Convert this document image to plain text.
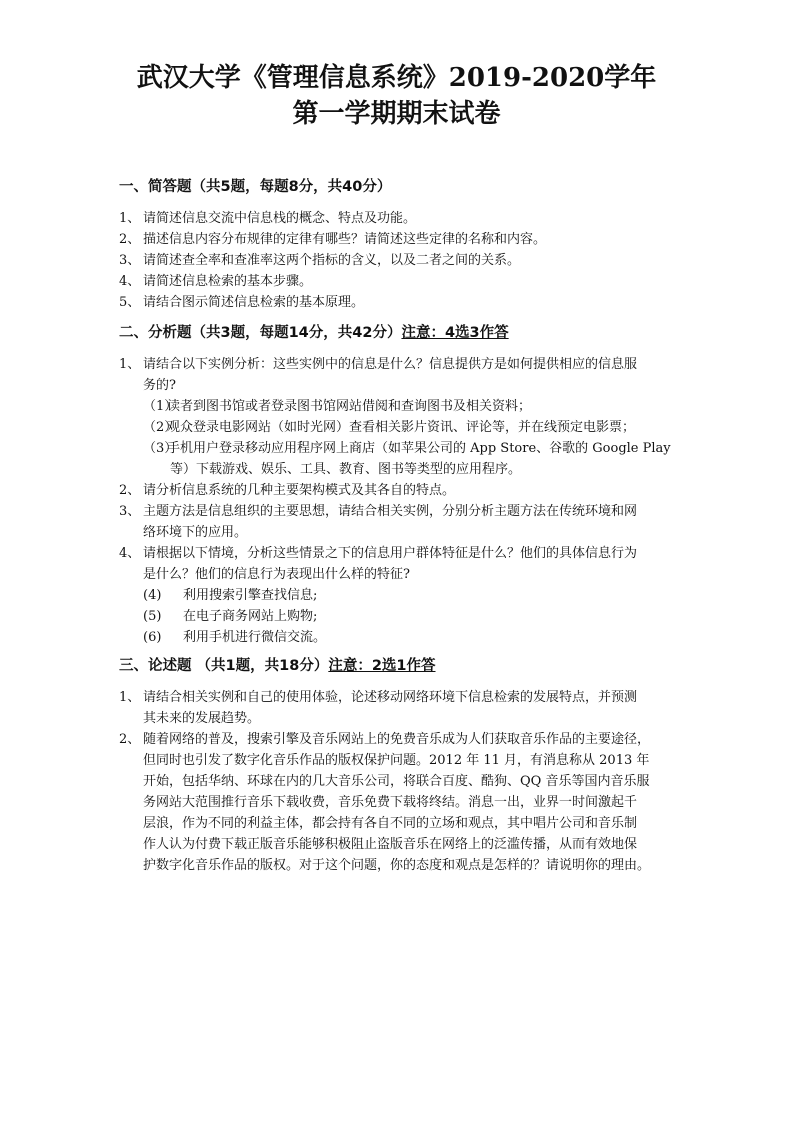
武汉大学《管理信息系统》2019-2020学年
第一学期期末试卷
一、简答题（共5题，每题8分，共40分）
1、 请简述信息交流中信息栈的概念、特点及功能。
2、 描述信息内容分布规律的定律有哪些？请简述这些定律的名称和内容。
3、 请简述查全率和查准率这两个指标的含义，以及二者之间的关系。
4、 请简述信息检索的基本步骤。
5、 请结合图示简述信息检索的基本原理。
二、分析题（共3题，每题14分，共42分）注意：4选3作答
1、 请结合以下实例分析：这些实例中的信息是什么？信息提供方是如何提供相应的信息服
务的?
（1）读者到图书馆或者登录图书馆网站借阅和查询图书及相关资料；
（2）观众登录电影网站（如时光网）查看相关影片资讯、评论等，并在线预定电影票；
（3）手机用户登录移动应用程序网上商店（如苹果公司的 App Store、谷歌的 Google Play
等）下载游戏、娱乐、工具、教育、图书等类型的应用程序。
2、 请分析信息系统的几种主要架构模式及其各自的特点。
3、 主题方法是信息组织的主要思想，请结合相关实例，分别分析主题方法在传统环境和网
络环境下的应用。
4、 请根据以下情境，分析这些情景之下的信息用户群体特征是什么？他们的具体信息行为
是什么？他们的信息行为表现出什么样的特征?
(4) 利用搜索引擎查找信息;
(5) 在电子商务网站上购物;
(6) 利用手机进行微信交流。
三、论述题 （共1题，共18分）注意：2选1作答
1、 请结合相关实例和自己的使用体验，论述移动网络环境下信息检索的发展特点，并预测
其未来的发展趋势。
2、 随着网络的普及，搜索引擎及音乐网站上的免费音乐成为人们获取音乐作品的主要途径，
但同时也引发了数字化音乐作品的版权保护问题。2012 年 11 月，有消息称从 2013 年
开始，包括华纳、环球在内的几大音乐公司，将联合百度、酷狗、QQ 音乐等国内音乐服
务网站大范围推行音乐下载收费，音乐免费下载将终结。消息一出，业界一时间激起千
层浪，作为不同的利益主体，都会持有各自不同的立场和观点，其中唱片公司和音乐制
作人认为付费下载正版音乐能够积极阻止盗版音乐在网络上的泛滥传播，从而有效地保
护数字化音乐作品的版权。对于这个问题，你的态度和观点是怎样的？请说明你的理由。
